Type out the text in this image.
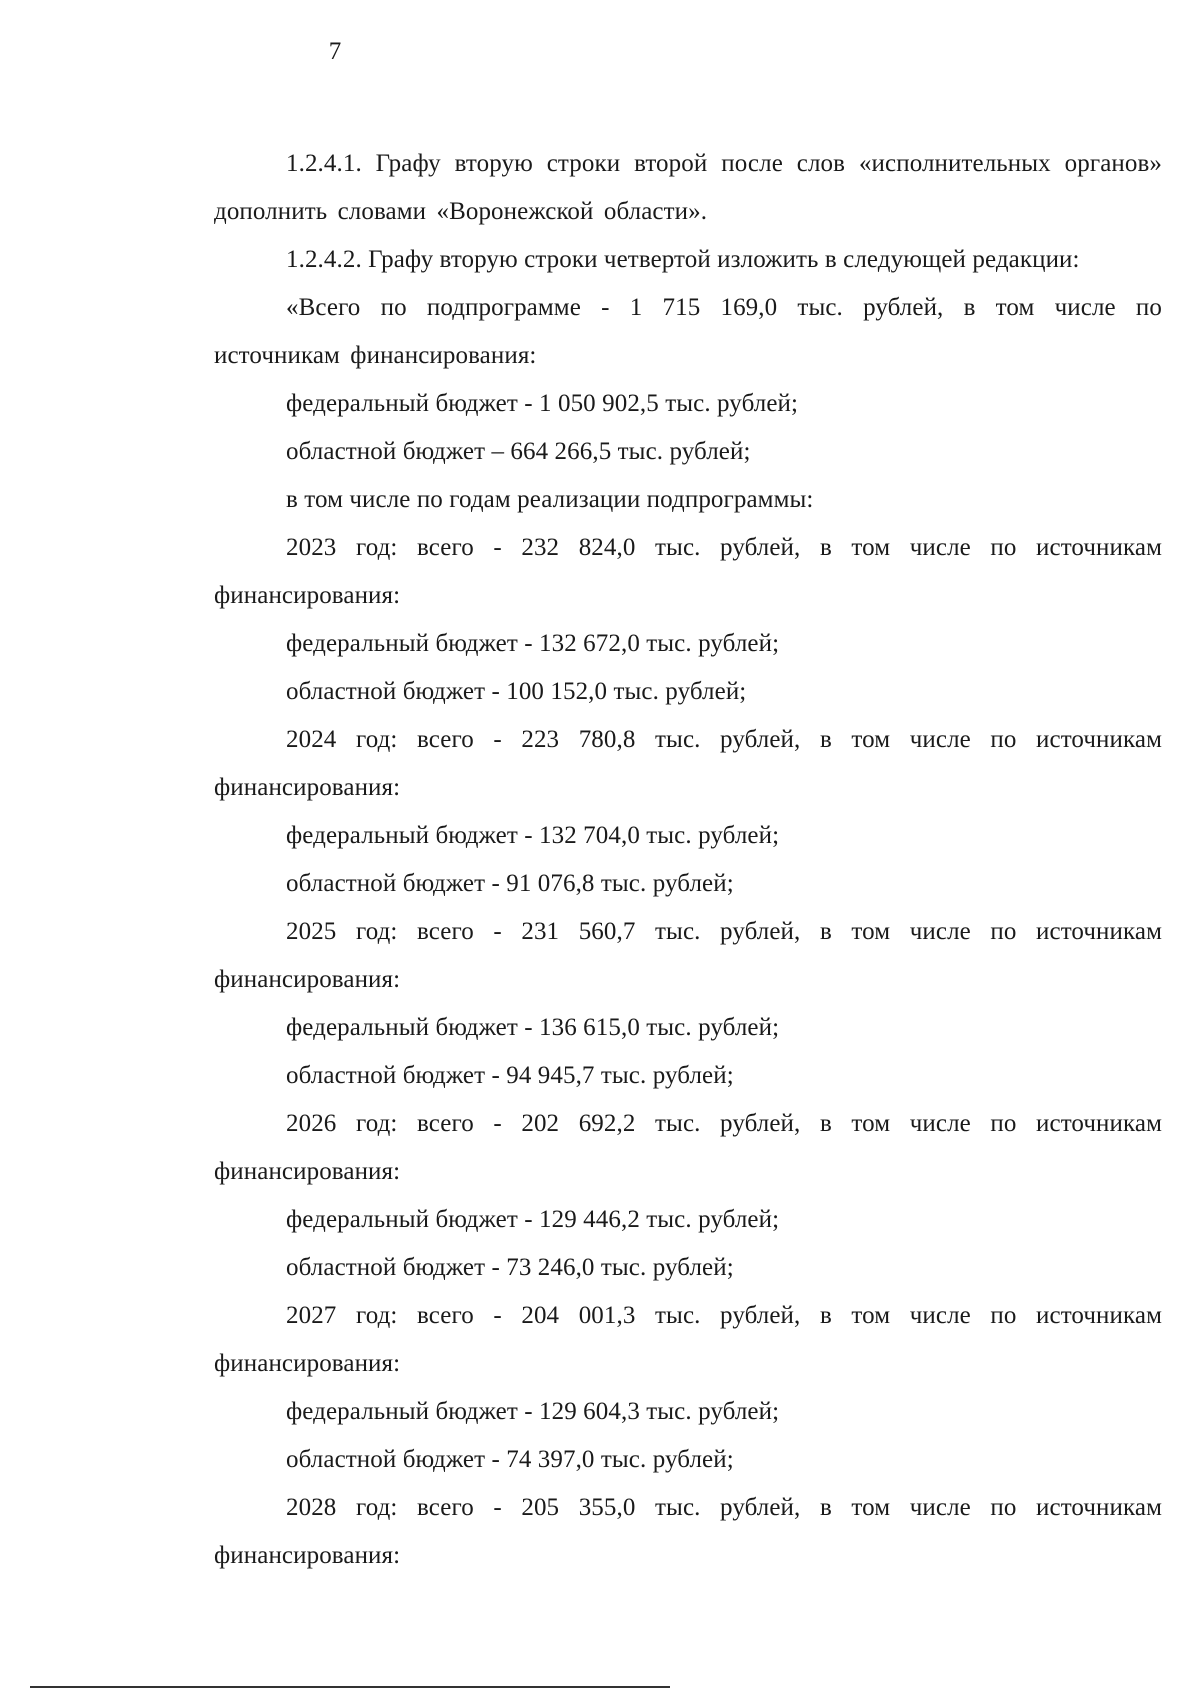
7

1.2.4.1. Графу вторую строки второй после слов «исполнительных органов» дополнить словами «Воронежской области».

1.2.4.2. Графу вторую строки четвертой изложить в следующей редакции:

«Всего по подпрограмме - 1 715 169,0 тыс. рублей, в том числе по источникам финансирования:

федеральный бюджет - 1 050 902,5 тыс. рублей;

областной бюджет – 664 266,5 тыс. рублей;

в том числе по годам реализации подпрограммы:

2023 год: всего - 232 824,0 тыс. рублей, в том числе по источникам финансирования:

федеральный бюджет - 132 672,0 тыс. рублей;

областной бюджет - 100 152,0 тыс. рублей;

2024 год: всего - 223 780,8 тыс. рублей, в том числе по источникам финансирования:

федеральный бюджет - 132 704,0 тыс. рублей;

областной бюджет - 91 076,8 тыс. рублей;

2025 год: всего - 231 560,7 тыс. рублей, в том числе по источникам финансирования:

федеральный бюджет - 136 615,0 тыс. рублей;

областной бюджет - 94 945,7 тыс. рублей;

2026 год: всего - 202 692,2 тыс. рублей, в том числе по источникам финансирования:

федеральный бюджет - 129 446,2 тыс. рублей;

областной бюджет - 73 246,0 тыс. рублей;

2027 год: всего - 204 001,3 тыс. рублей, в том числе по источникам финансирования:

федеральный бюджет - 129 604,3 тыс. рублей;

областной бюджет - 74 397,0 тыс. рублей;

2028 год: всего - 205 355,0 тыс. рублей, в том числе по источникам финансирования:
